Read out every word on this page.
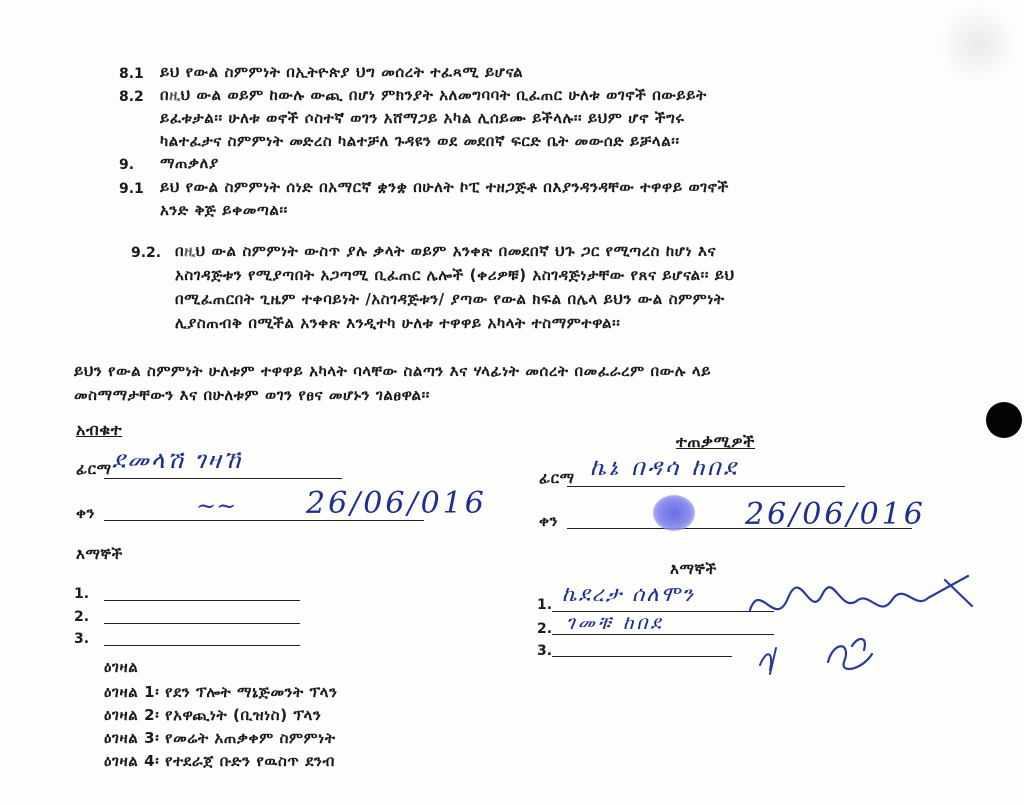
8.1 ይህ የውል ስምምነት በኢትዮጵያ ህግ መሰረት ተፈጻሚ ይሆናል
8.2 በዚህ ውል ወይም ከውሉ ውጪ በሆነ ምክንያት አለመግባባት ቢፈጠር ሁለቱ ወገኖች በውይይት
ይፈቱታል፡፡ ሁለቱ ወኖች ሶስተኛ ወገን አሸማጋይ አካል ሊሰይሙ ይችላሉ፡፡ ይህም ሆኖ ችግሩ
ካልተፈታና ስምምነት መድረስ ካልተቻለ ጉዳዩን ወደ መደበኛ ፍርድ ቤት መውሰድ ይቻላል፡፡
9. ማጠቃለያ
9.1 ይህ የውል ስምምነት ሰነድ በአማርኛ ቋንቋ በሁለት ኮፒ ተዘጋጅቶ በእያንዳንዳቸው ተዋዋይ ወገኖች
አንድ ቅጅ ይቀመጣል፡፡
9.2. በዚህ ውል ስምምነት ውስጥ ያሉ ቃላት ወይም አንቀጽ በመደበኛ ህጉ ጋር የሚጣረስ ከሆነ እና
አስገዳጅቱን የሚያጣበት አጋጣሚ ቢፈጠር ሌሎች (ቀሪዎቹ) አስገዳጅነታቸው የጸና ይሆናል፡፡ ይህ
በሚፈጠርበት ጊዜም ተቀባይነት /አስገዳጅቱን/ ያጣው የውል ክፍል በሌላ ይህን ውል ስምምነት
ሊያስጠብቅ በሚችል አንቀጽ እንዲተካ ሁለቱ ተዋዋይ አካላት ተስማምተዋል፡፡
ይህን የውል ስምምነት ሁለቱም ተዋዋይ አካላት ባላቸው ስልጣን እና ሃላፊነት መሰረት በመፈራረም በውሉ ላይ
መስማማታቸውን እና በሁለቱም ወገን የፀና መሆኑን ገልፀዋል፡፡
አብቁተ
ፊርማ ደመላሽ ገዛኸ
ቀን	~~ 26/06/016
እማኞች
1.
2.
3.
ዕገዛል
ዕገዛል 1፡ የደን ፕሎት ማኔጅመንት ፕላን
ዕገዛል 2፡ የአዋጪነት (ቢዝነስ) ፕላን
ዕገዛል 3፡ የመሬት አጠቃቀም ስምምነት
ዕገዛል 4፡ የተደራጀ ቡድን የዉስጥ ደንብ
ተጠቃሚዎች
ፊርማ ኬኔ በዳሳ ከበደ
ቀን	26/06/016
እማኞች
1. ኬደረታ ሰለሞን
2. ገመቹ ከበደ
3.
